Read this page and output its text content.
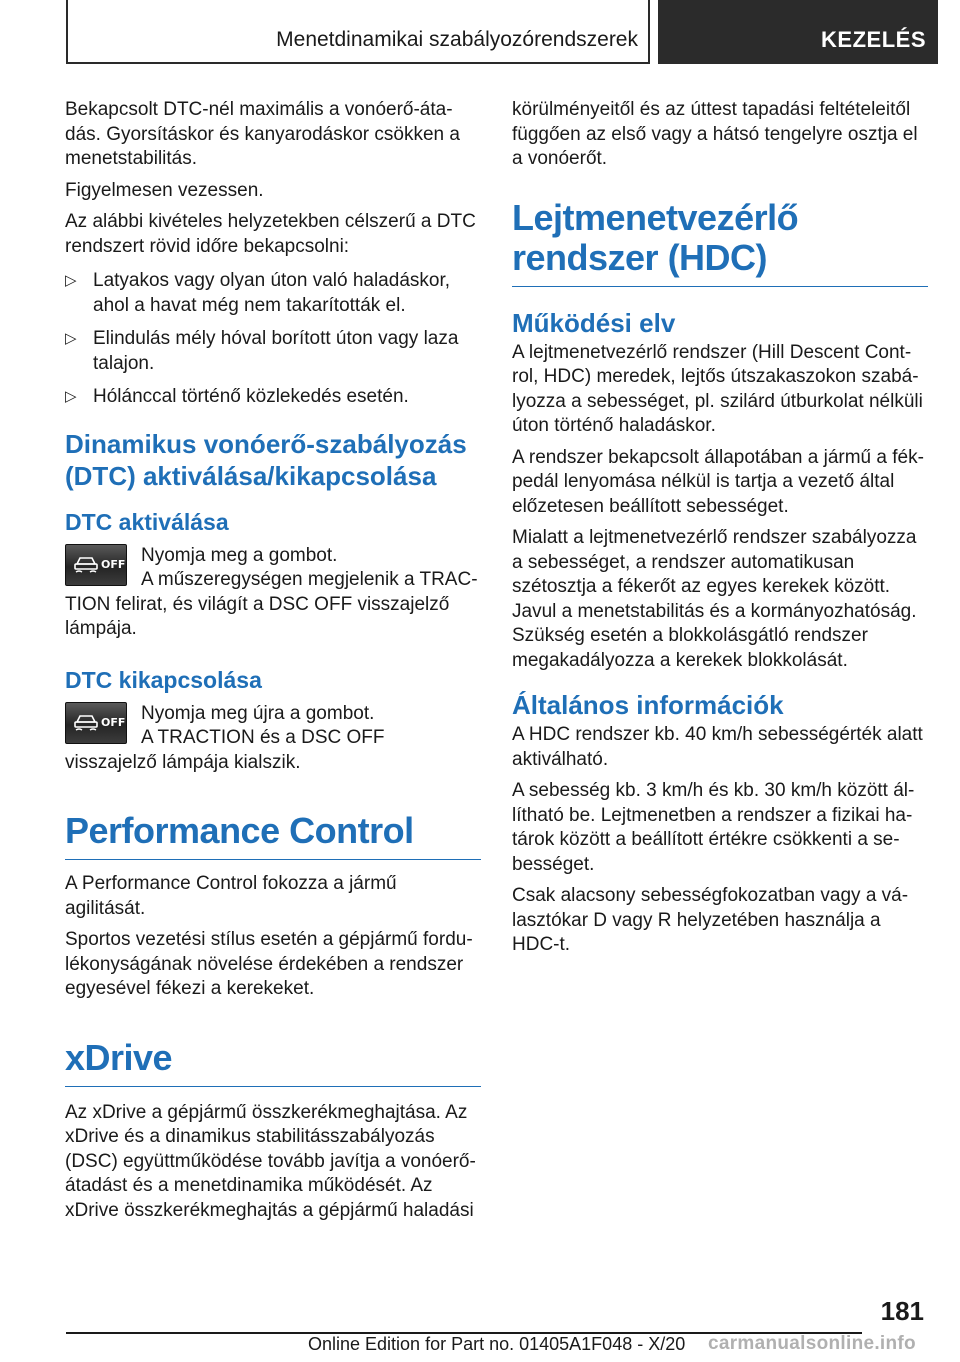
Menetdinamikai szabályozórendszerek	KEZELÉS

Bekapcsolt DTC-nél maximális a vonóerő-átadás. Gyorsításkor és kanyarodáskor csökken a menetstabilitás.

Figyelmesen vezessen.

Az alábbi kivételes helyzetekben célszerű a DTC rendszert rövid időre bekapcsolni:

▷ Latyakos vagy olyan úton való haladáskor, ahol a havat még nem takarították el.
▷ Elindulás mély hóval borított úton vagy laza talajon.
▷ Hólánccal történő közlekedés esetén.
Dinamikus vonóerő-szabályozás (DTC) aktiválása/kikapcsolása
DTC aktiválása
OFF Nyomja meg a gombot.

A műszeregységen megjelenik a TRACTION felirat, és világít a DSC OFF visszajelző lámpája.

DTC kikapcsolása
OFF Nyomja meg újra a gombot.

A TRACTION és a DSC OFF visszajelző lámpája kialszik.

Performance Control

A Performance Control fokozza a jármű agilitását.

Sportos vezetési stílus esetén a gépjármű fordulékonyságának növelése érdekében a rendszer egyesével fékezi a kerekeket.

xDrive

Az xDrive a gépjármű összkerékmeghajtása. Az xDrive és a dinamikus stabilitásszabályozás (DSC) együttműködése tovább javítja a vonóerő-átadást és a menetdinamika működését. Az xDrive összkerékmeghajtás a gépjármű haladási

körülményeitől és az úttest tapadási feltételeitől függően az első vagy a hátsó tengelyre osztja el a vonóerőt.

Lejtmenetvezérlő rendszer (HDC)
Működési elv

A lejtmenetvezérlő rendszer (Hill Descent Control, HDC) meredek, lejtős útszakaszokon szabályozza a sebességet, pl. szilárd útburkolat nélküli úton történő haladáskor.

A rendszer bekapcsolt állapotában a jármű a fékpedál lenyomása nélkül is tartja a vezető által előzetesen beállított sebességet.

Mialatt a lejtmenetvezérlő rendszer szabályozza a sebességet, a rendszer automatikusan szétosztja a fékerőt az egyes kerekek között. Javul a menetstabilitás és a kormányozhatóság. Szükség esetén a blokkolásgátló rendszer megakadályozza a kerekek blokkolását.

Általános információk

A HDC rendszer kb. 40 km/h sebességérték alatt aktiválható.

A sebesség kb. 3 km/h és kb. 30 km/h között állítható be. Lejtmenetben a rendszer a fizikai határok között a beállított értékre csökkenti a sebességet.

Csak alacsony sebességfokozatban vagy a választókar D vagy R helyzetében használja a HDC-t.

181
Online Edition for Part no. 01405A1F048 - X/20 carmanualsonline.info
